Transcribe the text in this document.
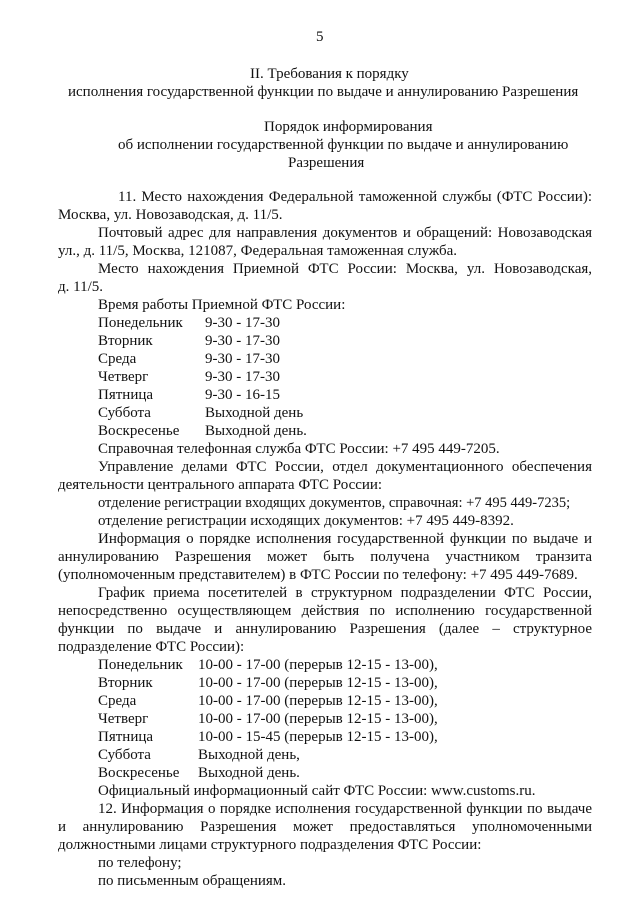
5
II. Требования к порядку
исполнения государственной функции по выдаче и аннулированию Разрешения
Порядок информирования
об исполнении государственной функции по выдаче и аннулированию
Разрешения
11. Место нахождения Федеральной таможенной службы (ФТС России):
Москва, ул. Новозаводская, д. 11/5.
Почтовый адрес для направления документов и обращений: Новозаводская
ул., д. 11/5, Москва, 121087, Федеральная таможенная служба.
Место нахождения Приемной ФТС России: Москва, ул. Новозаводская,
д. 11/5.
Время работы Приемной ФТС России:
Понедельник 9-30 - 17-30
Вторник	9-30 - 17-30
Среда	9-30 - 17-30
Четверг	9-30 - 17-30
Пятница	9-30 - 16-15
Суббота	Выходной день
Воскресенье Выходной день.
Справочная телефонная служба ФТС России: +7 495 449-7205.
Управление делами ФТС России, отдел документационного обеспечения
деятельности центрального аппарата ФТС России:
отделение регистрации входящих документов, справочная: +7 495 449-7235;
отделение регистрации исходящих документов: +7 495 449-8392.
Информация о порядке исполнения государственной функции по выдаче и
аннулированию Разрешения может быть получена участником транзита
(уполномоченным представителем) в ФТС России по телефону: +7 495 449-7689.
График приема посетителей в структурном подразделении ФТС России,
непосредственно осуществляющем действия по исполнению государственной
функции по выдаче и аннулированию Разрешения (далее – структурное
подразделение ФТС России):
Понедельник 10-00 - 17-00 (перерыв 12-15 - 13-00),
Вторник	10-00 - 17-00 (перерыв 12-15 - 13-00),
Среда	10-00 - 17-00 (перерыв 12-15 - 13-00),
Четверг	10-00 - 17-00 (перерыв 12-15 - 13-00),
Пятница	10-00 - 15-45 (перерыв 12-15 - 13-00),
Суббота	Выходной день,
Воскресенье Выходной день.
Официальный информационный сайт ФТС России: www.customs.ru.
12. Информация о порядке исполнения государственной функции по выдаче
и аннулированию Разрешения может предоставляться уполномоченными
должностными лицами структурного подразделения ФТС России:
по телефону;
по письменным обращениям.
